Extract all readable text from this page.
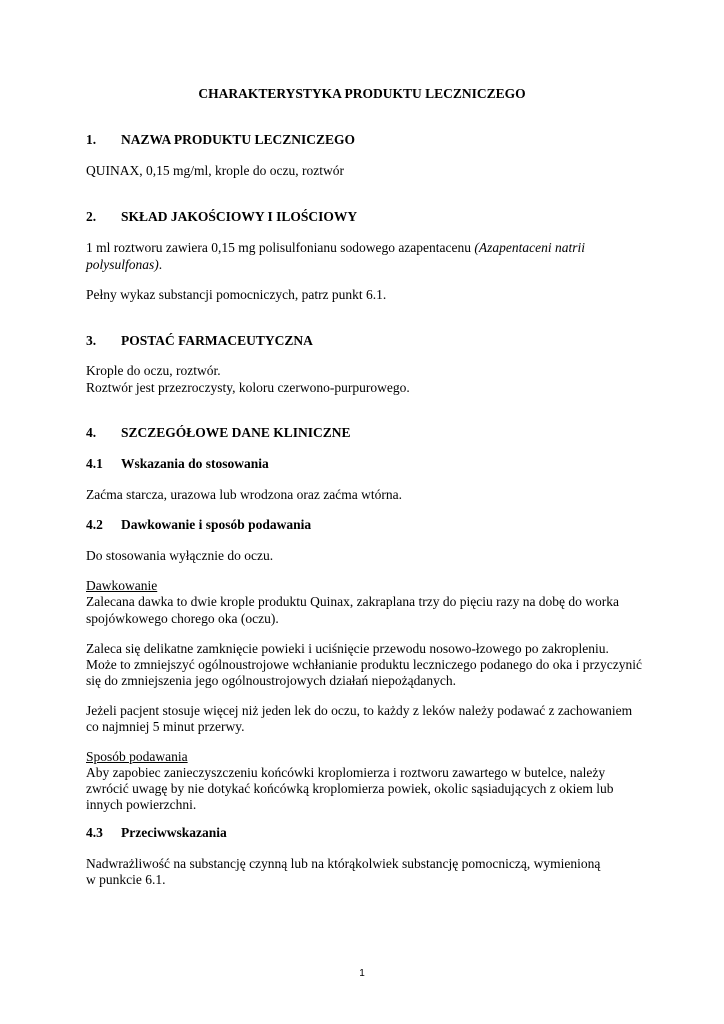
CHARAKTERYSTYKA PRODUKTU LECZNICZEGO
1. NAZWA PRODUKTU LECZNICZEGO
QUINAX, 0,15 mg/ml, krople do oczu, roztwór
2. SKŁAD JAKOŚCIOWY I ILOŚCIOWY
1 ml roztworu zawiera 0,15 mg polisulfonianu sodowego azapentacenu (Azapentaceni natrii
polysulfonas).
Pełny wykaz substancji pomocniczych, patrz punkt 6.1.
3. POSTAĆ FARMACEUTYCZNA
Krople do oczu, roztwór.
Roztwór jest przezroczysty, koloru czerwono-purpurowego.
4. SZCZEGÓŁOWE DANE KLINICZNE
4.1 Wskazania do stosowania
Zaćma starcza, urazowa lub wrodzona oraz zaćma wtórna.
4.2 Dawkowanie i sposób podawania
Do stosowania wyłącznie do oczu.
Dawkowanie
Zalecana dawka to dwie krople produktu Quinax, zakraplana trzy do pięciu razy na dobę do worka
spojówkowego chorego oka (oczu).
Zaleca się delikatne zamknięcie powieki i uciśnięcie przewodu nosowo-łzowego po zakropleniu.
Może to zmniejszyć ogólnoustrojowe wchłanianie produktu leczniczego podanego do oka i przyczynić
się do zmniejszenia jego ogólnoustrojowych działań niepożądanych.
Jeżeli pacjent stosuje więcej niż jeden lek do oczu, to każdy z leków należy podawać z zachowaniem
co najmniej 5 minut przerwy.
Sposób podawania
Aby zapobiec zanieczyszczeniu końcówki kroplomierza i roztworu zawartego w butelce, należy
zwrócić uwagę by nie dotykać końcówką kroplomierza powiek, okolic sąsiadujących z okiem lub
innych powierzchni.
4.3 Przeciwwskazania
Nadwrażliwość na substancję czynną lub na którąkolwiek substancję pomocniczą, wymienioną
w punkcie 6.1.
1
